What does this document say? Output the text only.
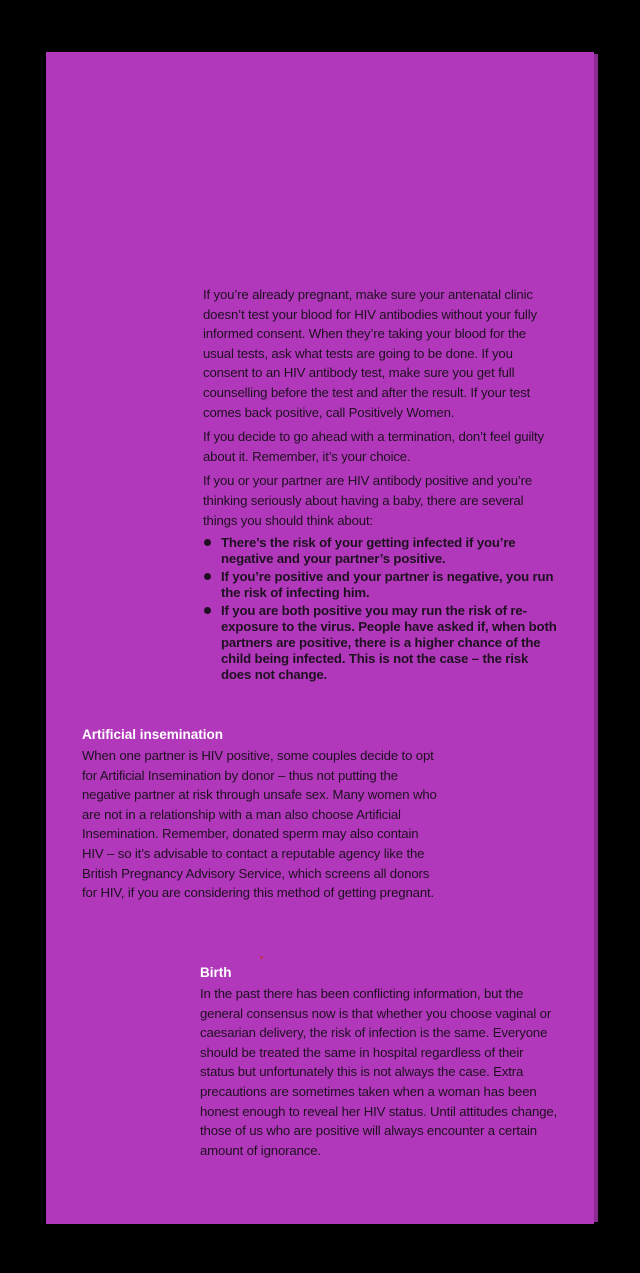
If you’re already pregnant, make sure your antenatal clinic doesn’t test your blood for HIV antibodies without your fully informed consent. When they’re taking your blood for the usual tests, ask what tests are going to be done. If you consent to an HIV antibody test, make sure you get full counselling before the test and after the result. If your test comes back positive, call Positively Women.

If you decide to go ahead with a termination, don’t feel guilty about it. Remember, it’s your choice.

If you or your partner are HIV antibody positive and you’re thinking seriously about having a baby, there are several things you should think about:

There’s the risk of your getting infected if you’re negative and your partner’s positive.
If you’re positive and your partner is negative, you run the risk of infecting him.
If you are both positive you may run the risk of re-exposure to the virus. People have asked if, when both partners are positive, there is a higher chance of the child being infected. This is not the case – the risk does not change.
Artificial insemination

When one partner is HIV positive, some couples decide to opt for Artificial Insemination by donor – thus not putting the negative partner at risk through unsafe sex. Many women who are not in a relationship with a man also choose Artificial Insemination. Remember, donated sperm may also contain HIV – so it’s advisable to contact a reputable agency like the British Pregnancy Advisory Service, which screens all donors for HIV, if you are considering this method of getting pregnant.

Birth

In the past there has been conflicting information, but the general consensus now is that whether you choose vaginal or caesarian delivery, the risk of infection is the same. Everyone should be treated the same in hospital regardless of their status but unfortunately this is not always the case. Extra precautions are sometimes taken when a woman has been honest enough to reveal her HIV status. Until attitudes change, those of us who are positive will always encounter a certain amount of ignorance.
